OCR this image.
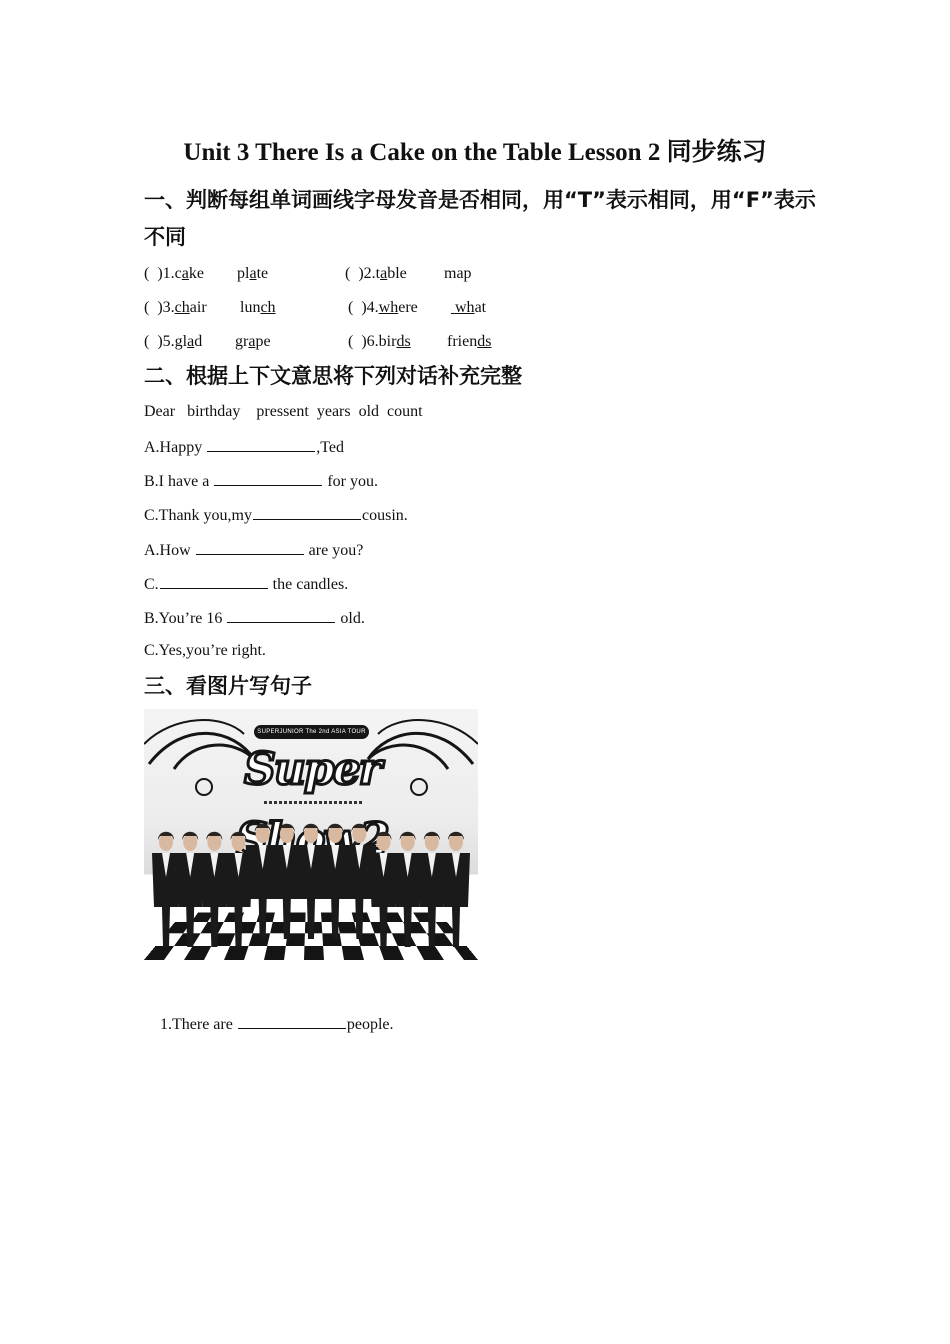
Unit 3 There Is a Cake on the Table Lesson 2 同步练习
一、判断每组单词画线字母发音是否相同，用“T”表示相同，用“F”表示不同
(  )1.cake plate	(  )2.table map
(  )3.chair lunch	(  )4.where what
(  )5.glad grape	(  )6.birds friends
二、根据上下文意思将下列对话补充完整
Dear   birthday    pressent  years  old  count
A.Happy	,Ted
B.I have a	for you.
C.Thank you,my	cousin.
A.How	are you?
C.	the candles.
B.You’re 16	old.
C.Yes,you’re right.
三、看图片写句子
SUPERJUNIOR The 2nd ASIA TOUR
Super

1.There are	people.
